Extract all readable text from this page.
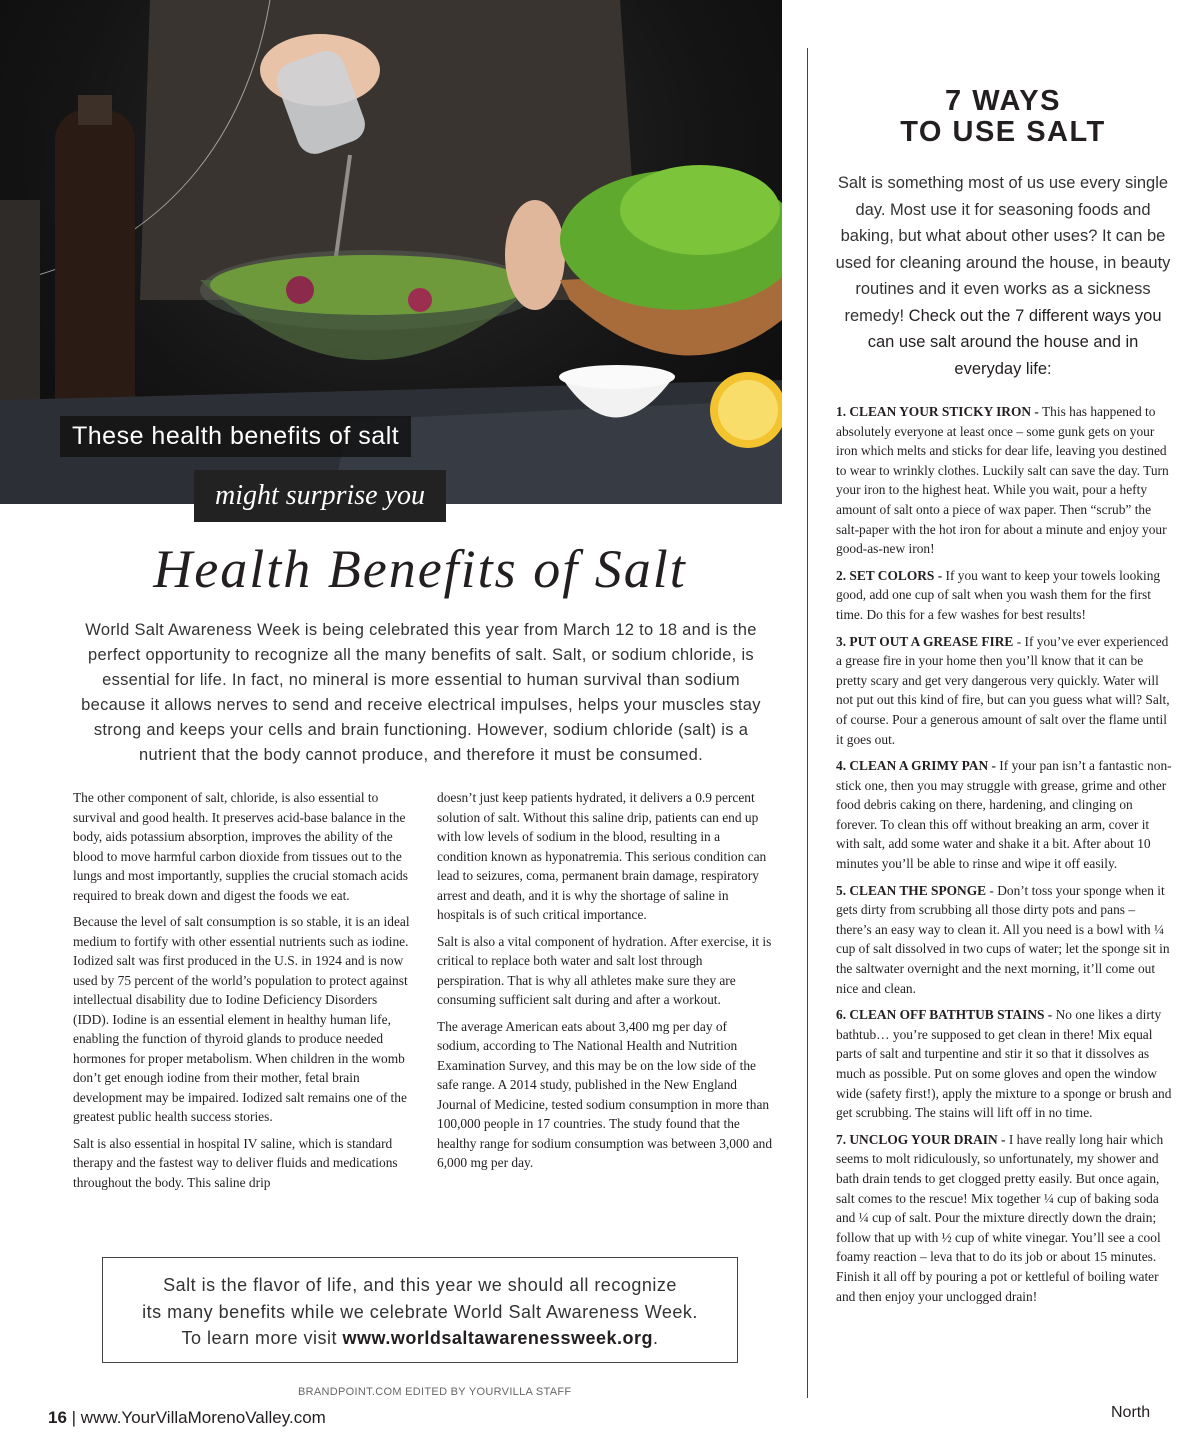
These health benefits of salt
might surprise you
Health Benefits of Salt
World Salt Awareness Week is being celebrated this year from March 12 to 18 and is the perfect opportunity to recognize all the many benefits of salt. Salt, or sodium chloride, is essential for life. In fact, no mineral is more essential to human survival than sodium because it allows nerves to send and receive electrical impulses, helps your muscles stay strong and keeps your cells and brain functioning. However, sodium chloride (salt) is a nutrient that the body cannot produce, and therefore it must be consumed.

The other component of salt, chloride, is also essential to survival and good health. It preserves acid-base balance in the body, aids potassium absorption, improves the ability of the blood to move harmful carbon dioxide from tissues out to the lungs and most importantly, supplies the crucial stomach acids required to break down and digest the foods we eat.

Because the level of salt consumption is so stable, it is an ideal medium to fortify with other essential nutrients such as iodine. Iodized salt was first produced in the U.S. in 1924 and is now used by 75 percent of the world’s population to protect against intellectual disability due to Iodine Deficiency Disorders (IDD). Iodine is an essential element in healthy human life, enabling the function of thyroid glands to produce needed hormones for proper metabolism. When children in the womb don’t get enough iodine from their mother, fetal brain development may be impaired. Iodized salt remains one of the greatest public health success stories.

Salt is also essential in hospital IV saline, which is standard therapy and the fastest way to deliver fluids and medications throughout the body. This saline drip

doesn’t just keep patients hydrated, it delivers a 0.9 percent solution of salt. Without this saline drip, patients can end up with low levels of sodium in the blood, resulting in a condition known as hyponatremia. This serious condition can lead to seizures, coma, permanent brain damage, respiratory arrest and death, and it is why the shortage of saline in hospitals is of such critical importance.

Salt is also a vital component of hydration. After exercise, it is critical to replace both water and salt lost through perspiration. That is why all athletes make sure they are consuming sufficient salt during and after a workout.

The average American eats about 3,400 mg per day of sodium, according to The National Health and Nutrition Examination Survey, and this may be on the low side of the safe range. A 2014 study, published in the New England Journal of Medicine, tested sodium consumption in more than 100,000 people in 17 countries. The study found that the healthy range for sodium consumption was between 3,000 and 6,000 mg per day.

Salt is the flavor of life, and this year we should all recognize
its many benefits while we celebrate World Salt Awareness Week.
To learn more visit www.worldsaltawarenessweek.org.
BRANDPOINT.COM EDITED BY YOURVILLA STAFF
16 | www.YourVillaMorenoValley.com	North
7 WAYS
TO USE SALT
Salt is something most of us use every single day. Most use it for seasoning foods and baking, but what about other uses? It can be used for cleaning around the house, in beauty routines and it even works as a sickness remedy! Check out the 7 different ways you can use salt around the house and in everyday life:

1. CLEAN YOUR STICKY IRON - This has happened to absolutely everyone at least once – some gunk gets on your iron which melts and sticks for dear life, leaving you destined to wear to wrinkly clothes. Luckily salt can save the day. Turn your iron to the highest heat. While you wait, pour a hefty amount of salt onto a piece of wax paper. Then “scrub” the salt-paper with the hot iron for about a minute and enjoy your good-as-new iron!

2. SET COLORS - If you want to keep your towels looking good, add one cup of salt when you wash them for the first time. Do this for a few washes for best results!

3. PUT OUT A GREASE FIRE - If you’ve ever experienced a grease fire in your home then you’ll know that it can be pretty scary and get very dangerous very quickly. Water will not put out this kind of fire, but can you guess what will? Salt, of course. Pour a generous amount of salt over the flame until it goes out.

4. CLEAN A GRIMY PAN - If your pan isn’t a fantastic non-stick one, then you may struggle with grease, grime and other food debris caking on there, hardening, and clinging on forever. To clean this off without breaking an arm, cover it with salt, add some water and shake it a bit. After about 10 minutes you’ll be able to rinse and wipe it off easily.

5. CLEAN THE SPONGE - Don’t toss your sponge when it gets dirty from scrubbing all those dirty pots and pans – there’s an easy way to clean it. All you need is a bowl with ¼ cup of salt dissolved in two cups of water; let the sponge sit in the saltwater overnight and the next morning, it’ll come out nice and clean.

6. CLEAN OFF BATHTUB STAINS - No one likes a dirty bathtub… you’re supposed to get clean in there! Mix equal parts of salt and turpentine and stir it so that it dissolves as much as possible. Put on some gloves and open the window wide (safety first!), apply the mixture to a sponge or brush and get scrubbing. The stains will lift off in no time.

7. UNCLOG YOUR DRAIN - I have really long hair which seems to molt ridiculously, so unfortunately, my shower and bath drain tends to get clogged pretty easily. But once again, salt comes to the rescue! Mix together ¼ cup of baking soda and ¼ cup of salt. Pour the mixture directly down the drain; follow that up with ½ cup of white vinegar. You’ll see a cool foamy reaction – leva that to do its job or about 15 minutes. Finish it all off by pouring a pot or kettleful of boiling water and then enjoy your unclogged drain!
